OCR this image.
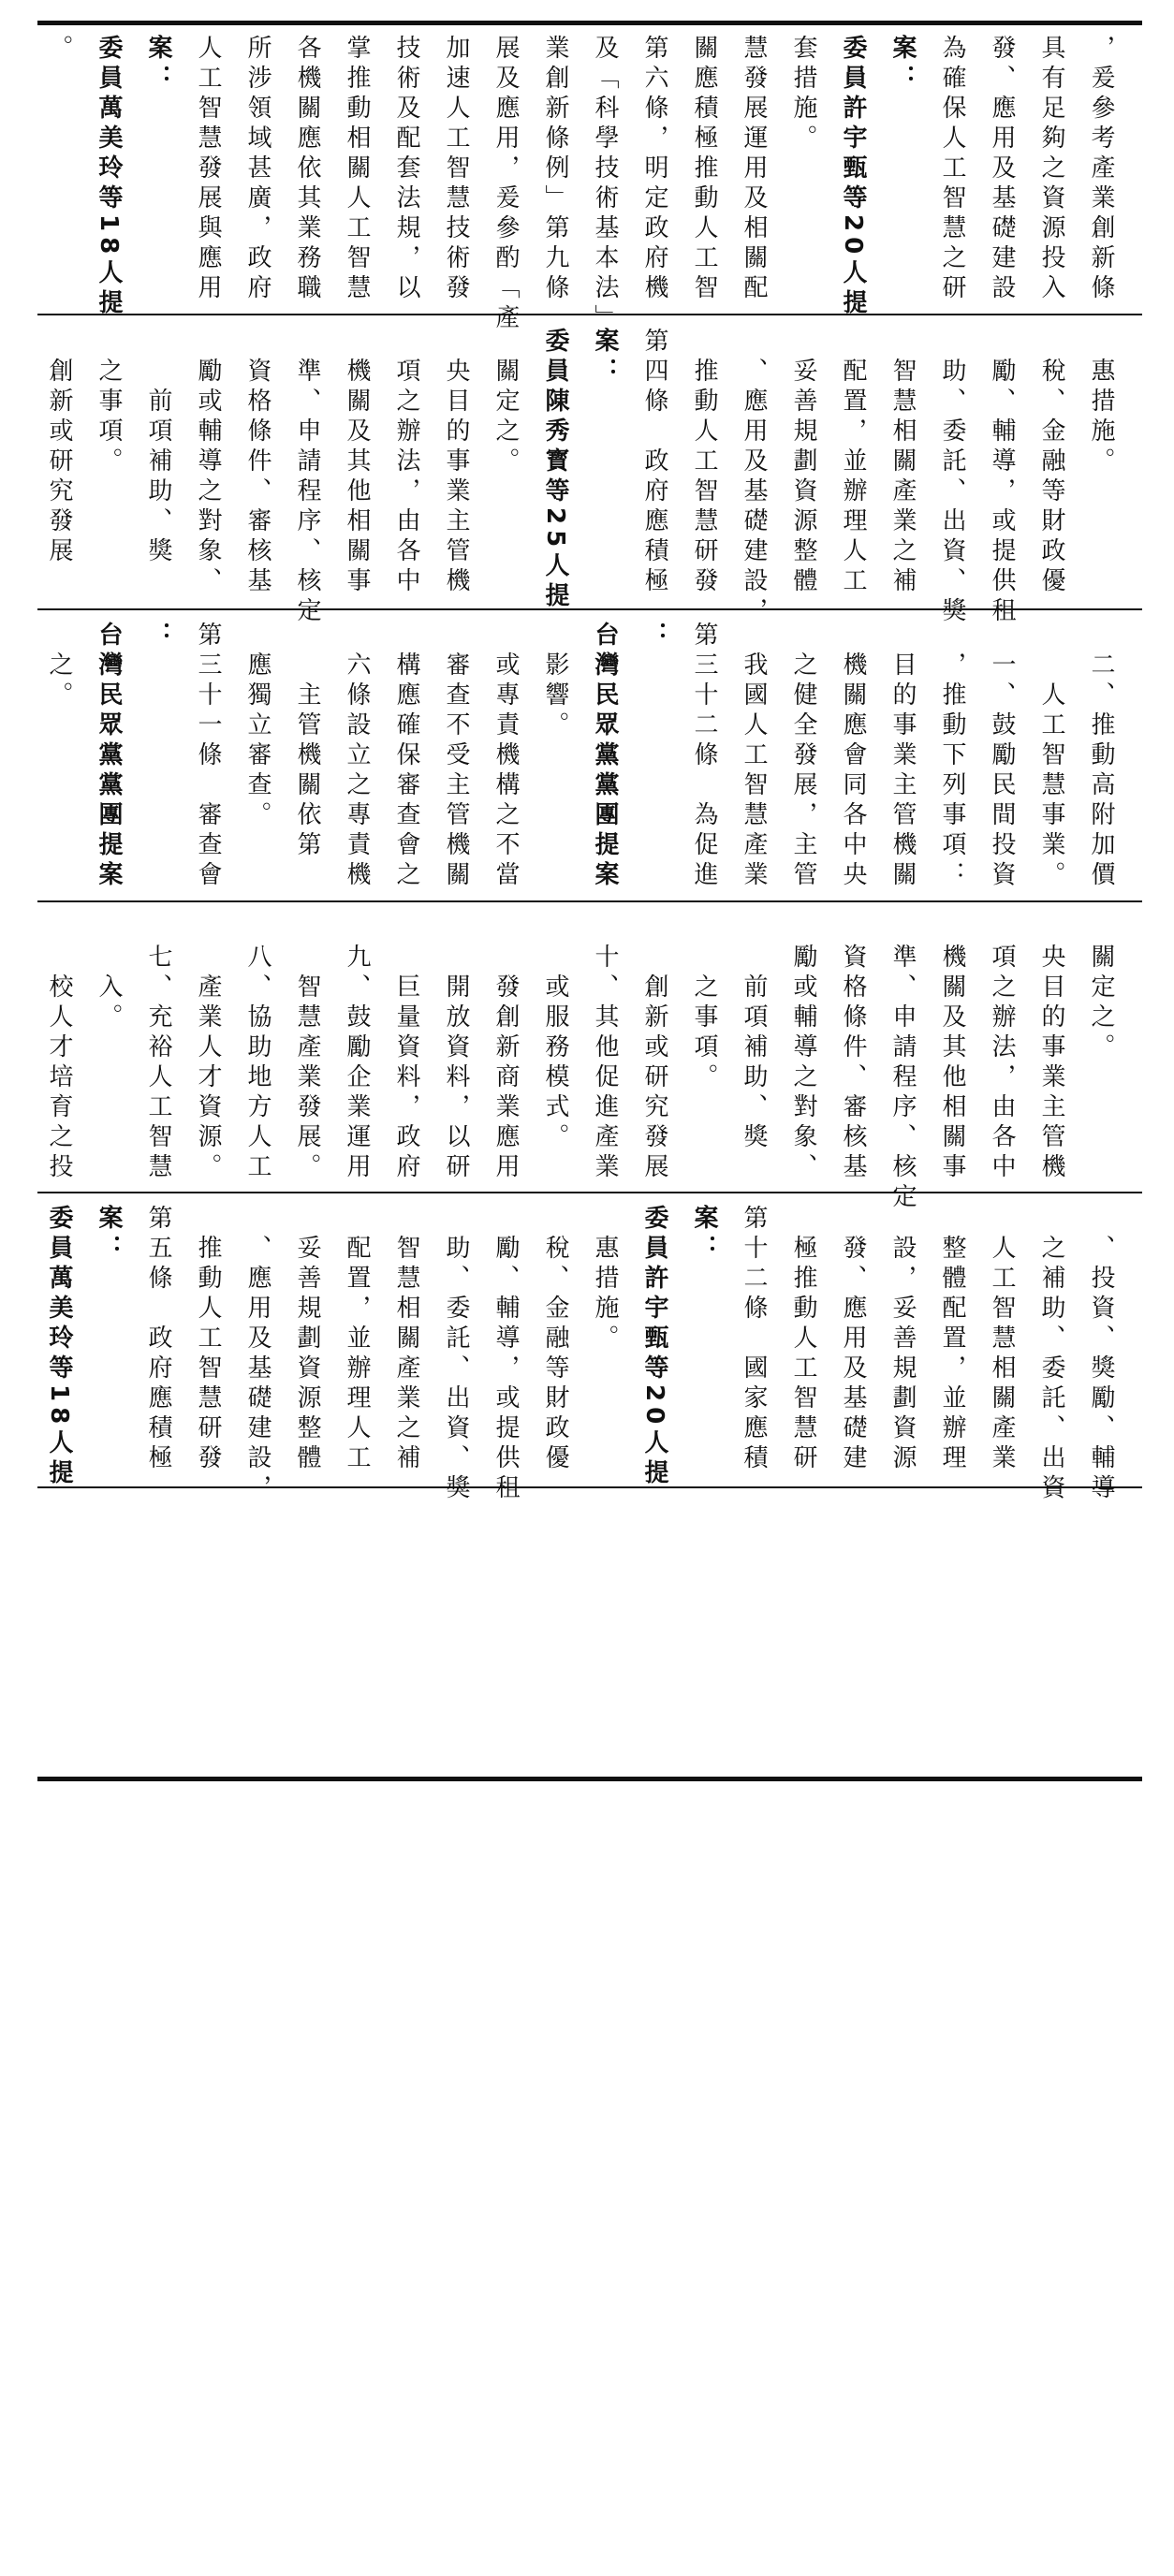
。 委員萬美玲等18人提 案： 人工智慧發展與應用 所涉領域甚廣，政府 各機關應依其業務職 掌推動相關人工智慧 技術及配套法規，以 加速人工智慧技術發 展及應用，爰參酌「產 業創新條例」第九條 及「科學技術基本法」 第六條，明定政府機 關應積極推動人工智 慧發展運用及相關配 套措施。 委員許宇甄等20人提 案： 為確保人工智慧之研 發、應用及基礎建設 具有足夠之資源投入 ，爰參考產業創新條
　創新或研究發展 　之事項。 　　前項補助、獎 　勵或輔導之對象、 　資格條件、審核基 　準、申請程序、核定 　機關及其他相關事 　項之辦法，由各中 　央目的事業主管機 　關定之。 委員陳秀寳等25人提 案： 第四條　政府應積極 　推動人工智慧研發 　、應用及基礎建設， 　妥善規劃資源整體 　配置，並辦理人工 　智慧相關產業之補 　助、委託、出資、獎 　勵、輔導，或提供租 　稅、金融等財政優 　惠措施。
　之。 台灣民眾黨黨團提案 ： 第三十一條　審查會 　應獨立審查。 　　主管機關依第 　六條設立之專責機 　構應確保審查會之 　審查不受主管機關 　或專責機構之不當 　影響。 台灣民眾黨黨團提案 ： 第三十二條　為促進 　我國人工智慧產業 　之健全發展，主管 　機關應會同各中央 　目的事業主管機關 　，推動下列事項： 　一、鼓勵民間投資 　　人工智慧事業。 　二、推動高附加價
　　校人才培育之投 　　入。 　七、充裕人工智慧 　　產業人才資源。 　八、協助地方人工 　　智慧產業發展。 　九、鼓勵企業運用 　　巨量資料，政府 　　開放資料，以研 　　發創新商業應用 　　或服務模式。 　十、其他促進產業 　　創新或研究發展 　　之事項。 　　前項補助、獎 　勵或輔導之對象、 　資格條件、審核基 　準、申請程序、核定 　機關及其他相關事 　項之辦法，由各中 　央目的事業主管機 　關定之。
委員萬美玲等18人提 案： 第五條　政府應積極 　推動人工智慧研發 　、應用及基礎建設， 　妥善規劃資源整體 　配置，並辦理人工 　智慧相關產業之補 　助、委託、出資、獎 　勵、輔導，或提供租 　稅、金融等財政優 　惠措施。 委員許宇甄等20人提 案： 第十二條　國家應積 　極推動人工智慧研 　發、應用及基礎建 　設，妥善規劃資源 　整體配置，並辦理 　人工智慧相關產業 　之補助、委託、出資 　、投資、獎勵、輔導
